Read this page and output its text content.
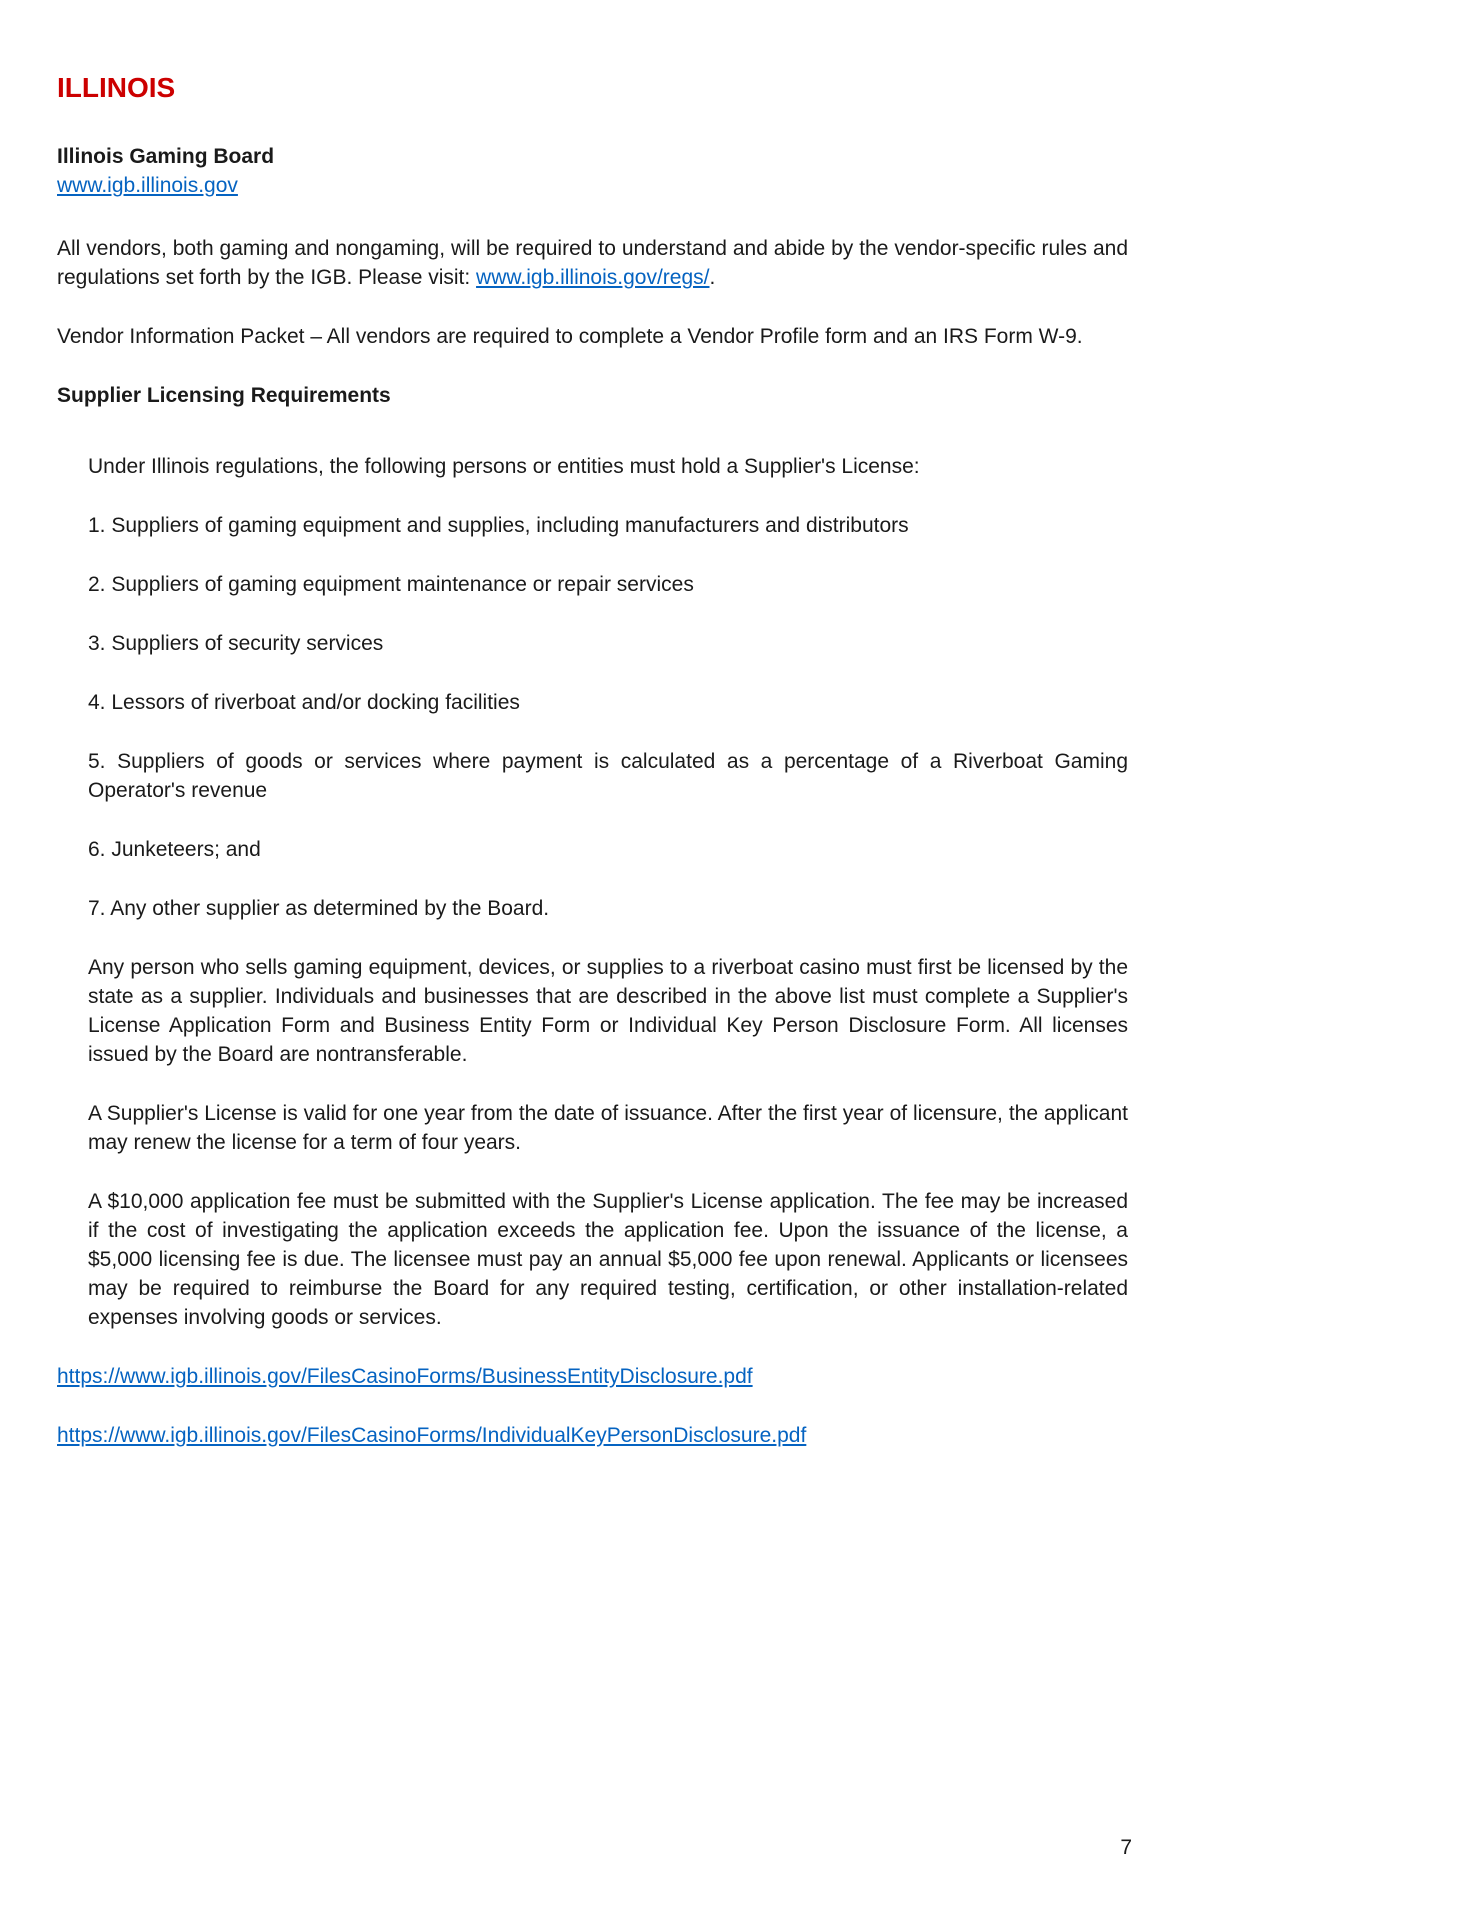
ILLINOIS
Illinois Gaming Board
www.igb.illinois.gov

All vendors, both gaming and nongaming, will be required to understand and abide by the vendor-specific rules and regulations set forth by the IGB. Please visit: www.igb.illinois.gov/regs/.

Vendor Information Packet – All vendors are required to complete a Vendor Profile form and an IRS Form W-9.

Supplier Licensing Requirements

Under Illinois regulations, the following persons or entities must hold a Supplier's License:

1. Suppliers of gaming equipment and supplies, including manufacturers and distributors

2. Suppliers of gaming equipment maintenance or repair services

3. Suppliers of security services

4. Lessors of riverboat and/or docking facilities

5. Suppliers of goods or services where payment is calculated as a percentage of a Riverboat Gaming Operator's revenue

6. Junketeers; and

7. Any other supplier as determined by the Board.

Any person who sells gaming equipment, devices, or supplies to a riverboat casino must first be licensed by the state as a supplier. Individuals and businesses that are described in the above list must complete a Supplier's License Application Form and Business Entity Form or Individual Key Person Disclosure Form. All licenses issued by the Board are nontransferable.

A Supplier's License is valid for one year from the date of issuance. After the first year of licensure, the applicant may renew the license for a term of four years.

A $10,000 application fee must be submitted with the Supplier's License application. The fee may be increased if the cost of investigating the application exceeds the application fee. Upon the issuance of the license, a $5,000 licensing fee is due. The licensee must pay an annual $5,000 fee upon renewal. Applicants or licensees may be required to reimburse the Board for any required testing, certification, or other installation-related expenses involving goods or services.

https://www.igb.illinois.gov/FilesCasinoForms/BusinessEntityDisclosure.pdf

https://www.igb.illinois.gov/FilesCasinoForms/IndividualKeyPersonDisclosure.pdf

7
